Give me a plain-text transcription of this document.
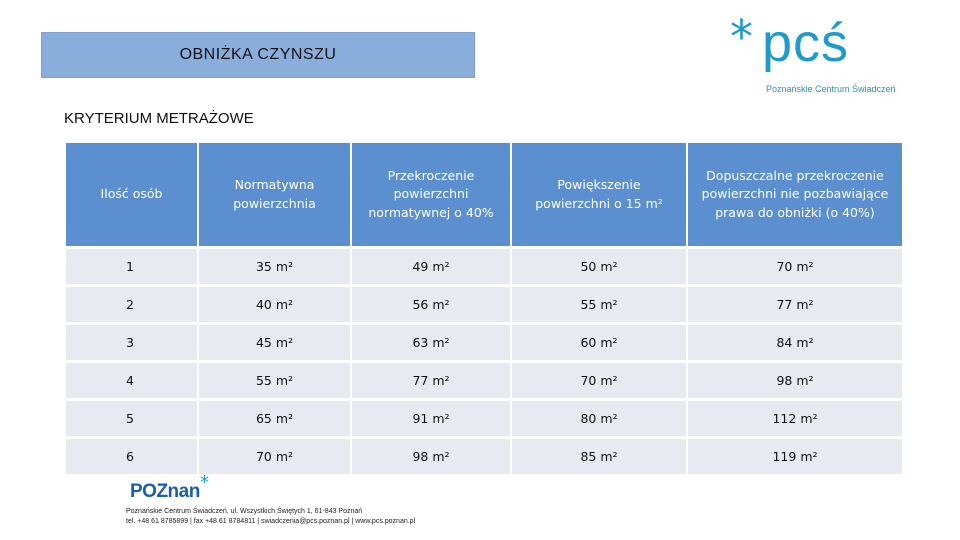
OBNIŻKA CZYNSZU	* pcś
Poznańskie Centrum Świadczeń
KRYTERIUM METRAŻOWE
Ilość osób	Normatywna powierzchnia	Przekroczenie powierzchni normatywnej o 40%	Powiększenie powierzchni o 15 m²	Dopuszczalne przekroczenie powierzchni nie pozbawiające prawa do obniżki (o 40%)
1	35 m²	49 m²	50 m²	70 m²
2	40 m²	56 m²	55 m²	77 m²
3	45 m²	63 m²	60 m²	84 m²
4	55 m²	77 m²	70 m²	98 m²
5	65 m²	91 m²	80 m²	112 m²
6	70 m²	98 m²	85 m²	119 m²
POZnan *
Poznańskie Centrum Świadczeń, ul. Wszystkich Świętych 1, 61-843 Poznań
tel. +48 61 8785899 | fax +48 61 8784811 | swiadczenia@pcs.poznan.pl | www.pcs.poznan.pl
